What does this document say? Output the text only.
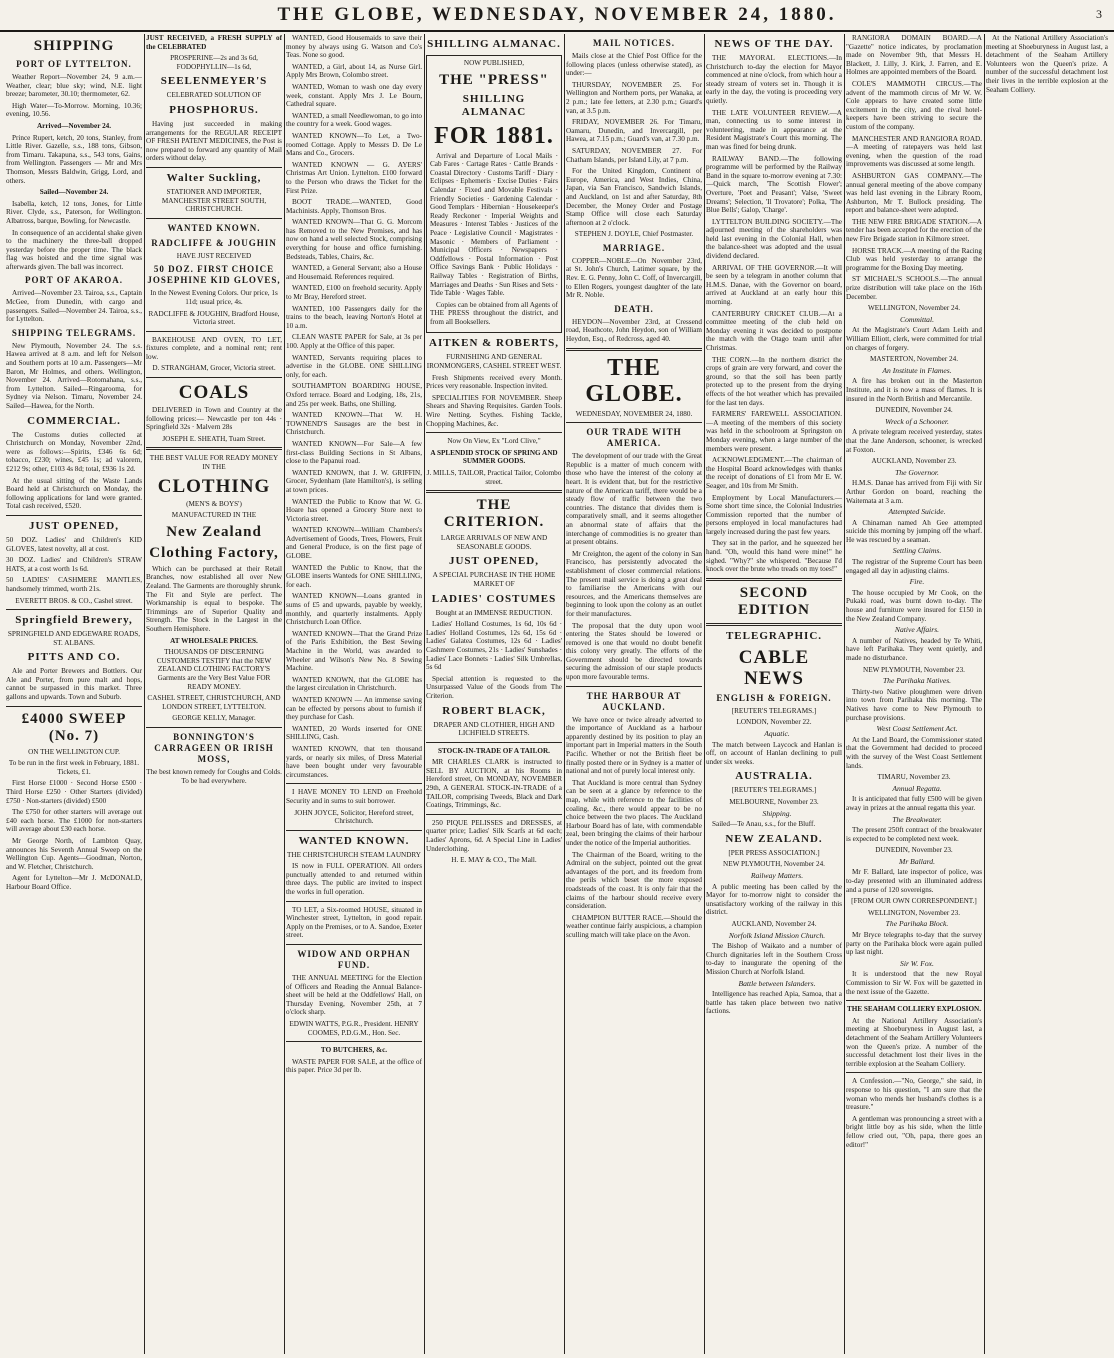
THE GLOBE, WEDNESDAY, NOVEMBER 24, 1880.	3
SHIPPING
PORT OF LYTTELTON.

Weather Report—November 24, 9 a.m.—Weather, clear; blue sky; wind, N.E. light breeze; barometer, 30.10; thermometer, 62.

High Water—To-Morrow. Morning, 10.36; evening, 10.56.

Arrived—November 24.

Prince Rupert, ketch, 20 tons, Stanley, from Little River. Gazelle, s.s., 188 tons, Gibson, from Timaru. Takapuna, s.s., 543 tons, Gains, from Wellington. Passengers — Mr and Mrs Thomson, Messrs Baldwin, Grigg, Lord, and others.

Sailed—November 24.

Isabella, ketch, 12 tons, Jones, for Little River. Clyde, s.s., Paterson, for Wellington. Albatross, barque, Bowling, for Newcastle.

In consequence of an accidental shake given to the machinery the three-ball dropped yesterday before the proper time. The black flag was hoisted and the time signal was afterwards given. The ball was incorrect.

PORT OF AKAROA.

Arrived—November 23. Tairoa, s.s., Captain McGee, from Dunedin, with cargo and passengers. Sailed—November 24. Tairoa, s.s., for Lyttelton.

SHIPPING TELEGRAMS.

New Plymouth, November 24. The s.s. Hawea arrived at 8 a.m. and left for Nelson and Southern ports at 10 a.m. Passengers—Mr Baron, Mr Holmes, and others. Wellington, November 24. Arrived—Rotomahana, s.s., from Lyttelton. Sailed—Ringarooma, for Sydney via Nelson. Timaru, November 24. Sailed—Hawea, for the North.

COMMERCIAL.

The Customs duties collected at Christchurch on Monday, November 22nd, were as follows:—Spirits, £346 6s 6d; tobacco, £230; wines, £45 1s; ad valorem, £212 9s; other, £103 4s 8d; total, £936 1s 2d.

At the usual sitting of the Waste Lands Board held at Christchurch on Monday, the following applications for land were granted. Total cash received, £520.

JUST OPENED,

50 DOZ. Ladies' and Children's KID GLOVES, latest novelty, all at cost.

30 DOZ. Ladies' and Children's STRAW HATS, at a cost worth 1s 6d.

50 LADIES' CASHMERE MANTLES, handsomely trimmed, worth 21s.

EVERETT BROS. & CO., Cashel street.

Springfield Brewery,

SPRINGFIELD AND EDGEWARE ROADS, ST. ALBANS.

PITTS AND CO.

Ale and Porter Brewers and Bottlers. Our Ale and Porter, from pure malt and hops, cannot be surpassed in this market. Three gallons and upwards. Town and Suburb.

£4000 SWEEP (No. 7)

ON THE WELLINGTON CUP.

To be run in the first week in February, 1881. Tickets, £1.

First Horse £1000 · Second Horse £500 · Third Horse £250 · Other Starters (divided) £750 · Non-starters (divided) £500

The £750 for other starters will average out £40 each horse. The £1000 for non-starters will average about £30 each horse.

Mr George North, of Lambton Quay, announces his Seventh Annual Sweep on the Wellington Cup. Agents—Goodman, Norton, and W. Fletcher, Christchurch.

Agent for Lyttelton—Mr J. McDONALD, Harbour Board Office.

JUST RECEIVED, a FRESH SUPPLY of the CELEBRATED

PROSPERINE—2s and 3s 6d, FODOPHYLLIN—1s 6d,

SEELENMEYER'S

CELEBRATED SOLUTION OF

PHOSPHORUS.

Having just succeeded in making arrangements for the REGULAR RECEIPT OF FRESH PATENT MEDICINES, the Post is now prepared to forward any quantity of Mail orders without delay.

Walter Suckling,

STATIONER AND IMPORTER, MANCHESTER STREET SOUTH, CHRISTCHURCH.

WANTED KNOWN.
RADCLIFFE & JOUGHIN

HAVE JUST RECEIVED

50 DOZ. FIRST CHOICE JOSEPHINE KID GLOVES,

In the Newest Evening Colors. Our price, 1s 11d; usual price, 4s.

RADCLIFFE & JOUGHIN, Bradford House, Victoria street.

BAKEHOUSE AND OVEN, TO LET, fixtures complete, and a nominal rent; rent low.

D. STRANGHAM, Grocer, Victoria street.

COALS

DELIVERED in Town and Country at the following prices:— Newcastle per ton 44s · Springfield 32s · Malvern 28s

JOSEPH E. SHEATH, Tuam Street.

THE BEST VALUE FOR READY MONEY IN THE

CLOTHING

(MEN'S & BOYS')

MANUFACTURED IN THE

New Zealand
Clothing Factory,

Which can be purchased at their Retail Branches, now established all over New Zealand. The Garments are thoroughly shrunk. The Fit and Style are perfect. The Workmanship is equal to bespoke. The Trimmings are of Superior Quality and Strength. The Stock in the Largest in the Southern Hemisphere.

AT WHOLESALE PRICES.

THOUSANDS OF DISCERNING CUSTOMERS TESTIFY that the NEW ZEALAND CLOTHING FACTORY'S Garments are the Very Best Value FOR READY MONEY.

CASHEL STREET, CHRISTCHURCH, AND LONDON STREET, LYTTELTON.

GEORGE KELLY, Manager.

BONNINGTON'S CARRAGEEN OR IRISH MOSS,

The best known remedy for Coughs and Colds. To be had everywhere.

WANTED, Good Housemaids to save their money by always using G. Watson and Co's Teas. None so good.

WANTED, a Girl, about 14, as Nurse Girl. Apply Mrs Brown, Colombo street.

WANTED, Woman to wash one day every week, constant. Apply Mrs J. Le Bourn, Cathedral square.

WANTED, a small Needlewoman, to go into the country for a week. Good wages.

WANTED KNOWN—To Let, a Two-roomed Cottage. Apply to Messrs D. De Le Mans and Co., Grocers.

WANTED KNOWN — G. AYERS' Christmas Art Union. Lyttelton. £100 forward to the Person who draws the Ticket for the First Prize.

BOOT TRADE.—WANTED, Good Machinists. Apply, Thomson Bros.

WANTED KNOWN—That G. G. Morcom has Removed to the New Premises, and has now on hand a well selected Stock, comprising everything for house and office furnishing. Bedsteads, Tables, Chairs, &c.

WANTED, a General Servant; also a House and Housemaid. References required.

WANTED, £100 on freehold security. Apply to Mr Bray, Hereford street.

WANTED, 100 Passengers daily for the trains to the beach, leaving Norton's Hotel at 10 a.m.

CLEAN WASTE PAPER for Sale, at 3s per 100. Apply at the Office of this paper.

WANTED, Servants requiring places to advertise in the GLOBE. ONE SHILLING only, for each.

SOUTHAMPTON BOARDING HOUSE, Oxford terrace. Board and Lodging, 18s, 21s, and 25s per week. Baths, one Shilling.

WANTED KNOWN—That W. H. TOWNEND'S Sausages are the best in Christchurch.

WANTED KNOWN—For Sale—A few first-class Building Sections in St Albans, close to the Papanui road.

WANTED KNOWN, that J. W. GRIFFIN, Grocer, Sydenham (late Hamilton's), is selling at town prices.

WANTED the Public to Know that W. G. Hoare has opened a Grocery Store next to Victoria street.

WANTED KNOWN—William Chambers's Advertisement of Goods, Trees, Flowers, Fruit and General Produce, is on the first page of GLOBE.

WANTED the Public to Know, that the GLOBE inserts Wanteds for ONE SHILLING, for each.

WANTED KNOWN—Loans granted in sums of £5 and upwards, payable by weekly, monthly, and quarterly instalments. Apply Christchurch Loan Office.

WANTED KNOWN—That the Grand Prize of the Paris Exhibition, the Best Sewing Machine in the World, was awarded to Wheeler and Wilson's New No. 8 Sewing Machine.

WANTED KNOWN, that the GLOBE has the largest circulation in Christchurch.

WANTED KNOWN — An immense saving can be effected by persons about to furnish if they purchase for Cash.

WANTED, 20 Words inserted for ONE SHILLING, Cash.

WANTED KNOWN, that ten thousand yards, or nearly six miles, of Dress Material have been bought under very favourable circumstances.

I HAVE MONEY TO LEND on Freehold Security and in sums to suit borrower.

JOHN JOYCE, Solicitor, Hereford street, Christchurch.

WANTED KNOWN.

THE CHRISTCHURCH STEAM LAUNDRY

IS now in FULL OPERATION. All orders punctually attended to and returned within three days. The public are invited to inspect the works in full operation.

TO LET, a Six-roomed HOUSE, situated in Winchester street, Lyttelton, in good repair. Apply on the Premises, or to A. Sandoe, Exeter street.

WIDOW AND ORPHAN FUND.

THE ANNUAL MEETING for the Election of Officers and Reading the Annual Balance-sheet will be held at the Oddfellows' Hall, on Thursday Evening, November 25th, at 7 o'clock sharp.

EDWIN WATTS, P.G.R., President. HENRY COOMES, P.D.G.M., Hon. Sec.

TO BUTCHERS, &c.

WASTE PAPER FOR SALE, at the office of this paper. Price 3d per lb.

SHILLING ALMANAC.

NOW PUBLISHED,

THE "PRESS"
SHILLING ALMANAC
FOR 1881.

Arrival and Departure of Local Mails · Cab Fares · Cartage Rates · Cattle Brands · Coastal Directory · Customs Tariff · Diary · Eclipses · Ephemeris · Excise Duties · Fairs Calendar · Fixed and Movable Festivals · Friendly Societies · Gardening Calendar · Good Templars · Hibernian · Housekeeper's Ready Reckoner · Imperial Weights and Measures · Interest Tables · Justices of the Peace · Legislative Council · Magistrates · Masonic · Members of Parliament · Municipal Officers · Newspapers · Oddfellows · Postal Information · Post Office Savings Bank · Public Holidays · Railway Tables · Registration of Births, Marriages and Deaths · Sun Rises and Sets · Tide Table · Wages Table.

Copies can be obtained from all Agents of THE PRESS throughout the district, and from all Booksellers.

AITKEN & ROBERTS,

FURNISHING AND GENERAL IRONMONGERS, CASHEL STREET WEST.

Fresh Shipments received every Month. Prices very reasonable. Inspection invited.

SPECIALITIES FOR NOVEMBER. Sheep Shears and Shaving Requisites. Garden Tools. Wire Netting. Scythes. Fishing Tackle, Chopping Machines, &c.

Now On View, Ex "Lord Clive,"

A SPLENDID STOCK OF SPRING AND SUMMER GOODS.

J. MILLS, TAILOR, Practical Tailor, Colombo street.

THE CRITERION.

LARGE ARRIVALS OF NEW AND SEASONABLE GOODS.

JUST OPENED,

A SPECIAL PURCHASE IN THE HOME MARKET OF

LADIES' COSTUMES

Bought at an IMMENSE REDUCTION.

Ladies' Holland Costumes, 1s 6d, 10s 6d · Ladies' Holland Costumes, 12s 6d, 15s 6d · Ladies' Galatea Costumes, 12s 6d · Ladies' Cashmere Costumes, 21s · Ladies' Sunshades · Ladies' Lace Bonnets · Ladies' Silk Umbrellas, 5s 6d

Special attention is requested to the Unsurpassed Value of the Goods from The Criterion.

ROBERT BLACK,

DRAPER AND CLOTHIER, HIGH AND LICHFIELD STREETS.

STOCK-IN-TRADE OF A TAILOR.

MR CHARLES CLARK is instructed to SELL BY AUCTION, at his Rooms in Hereford street, On MONDAY, NOVEMBER 29th, A GENERAL STOCK-IN-TRADE of a TAILOR, comprising Tweeds, Black and Dark Coatings, Trimmings, &c.

250 PIQUE PELISSES and DRESSES, at quarter price; Ladies' Silk Scarfs at 6d each; Ladies' Aprons, 6d. A Special Line in Ladies' Underclothing.

H. E. MAY & CO., The Mall.

MAIL NOTICES.

Mails close at the Chief Post Office for the following places (unless otherwise stated), as under:—

THURSDAY, NOVEMBER 25. For Wellington and Northern ports, per Wanaka, at 2 p.m.; late fee letters, at 2.30 p.m.; Guard's van, at 3.5 p.m.

FRIDAY, NOVEMBER 26. For Timaru, Oamaru, Dunedin, and Invercargill, per Hawea, at 7.15 p.m.; Guard's van, at 7.30 p.m.

SATURDAY, NOVEMBER 27. For Chatham Islands, per Island Lily, at 7 p.m.

For the United Kingdom, Continent of Europe, America, and West Indies, China, Japan, via San Francisco, Sandwich Islands, and Auckland, on 1st and after Saturday, 8th December, the Money Order and Postage Stamp Office will close each Saturday afternoon at 2 o'clock.

STEPHEN J. DOYLE, Chief Postmaster.

MARRIAGE.

COPPER—NOBLE—On November 23rd, at St. John's Church, Latimer square, by the Rev. E. G. Penny, John C. Coff, of Invercargill, to Ellen Rogers, youngest daughter of the late Mr R. Noble.

DEATH.

HEYDON—November 23rd, at Cressend road, Heathcote, John Heydon, son of William Heydon, Esq., of Redcross, aged 40.

THE GLOBE.

WEDNESDAY, NOVEMBER 24, 1880.

OUR TRADE WITH AMERICA.

The development of our trade with the Great Republic is a matter of much concern with those who have the interest of the colony at heart. It is evident that, but for the restrictive nature of the American tariff, there would be a steady flow of traffic between the two countries. The distance that divides them is comparatively small, and it seems altogether an abnormal state of affairs that the interchange of commodities is no greater than at present obtains.

Mr Creighton, the agent of the colony in San Francisco, has persistently advocated the establishment of closer commercial relations. The present mail service is doing a great deal to familiarise the Americans with our resources, and the Americans themselves are beginning to look upon the colony as an outlet for their manufactures.

The proposal that the duty upon wool entering the States should be lowered or removed is one that would no doubt benefit this colony very greatly. The efforts of the Government should be directed towards securing the admission of our staple products upon more favourable terms.

THE HARBOUR AT AUCKLAND.

We have once or twice already adverted to the importance of Auckland as a harbour apparently destined by its position to play an important part in Imperial matters in the South Pacific. Whether or not the British fleet be finally posted there or in Sydney is a matter of national and not of purely local interest only.

That Auckland is more central than Sydney can be seen at a glance by reference to the map, while with reference to the facilities of coaling, &c., there would appear to be no choice between the two places. The Auckland Harbour Board has of late, with commendable zeal, been bringing the claims of their harbour under the notice of the Imperial authorities.

The Chairman of the Board, writing to the Admiral on the subject, pointed out the great advantages of the port, and its freedom from the perils which beset the more exposed roadsteads of the coast. It is only fair that the claims of the harbour should receive every consideration.

CHAMPION BUTTER RACE.—Should the weather continue fairly auspicious, a champion sculling match will take place on the Avon.

NEWS OF THE DAY.

THE MAYORAL ELECTIONS.—In Christchurch to-day the election for Mayor commenced at nine o'clock, from which hour a steady stream of voters set in. Though it is early in the day, the voting is proceeding very quietly.

THE LATE VOLUNTEER REVIEW.—A man, connecting us to some interest in volunteering, made in appearance at the Resident Magistrate's Court this morning. The man was fined for being drunk.

RAILWAY BAND.—The following programme will be performed by the Railway Band in the square to-morrow evening at 7.30:—Quick march, 'The Scottish Flower'; Overture, 'Poet and Peasant'; Valse, 'Sweet Dreams'; Selection, 'Il Trovatore'; Polka, 'The Blue Bells'; Galop, 'Charge'.

LYTTELTON BUILDING SOCIETY.—The adjourned meeting of the shareholders was held last evening in the Colonial Hall, when the balance-sheet was adopted and the usual dividend declared.

ARRIVAL OF THE GOVERNOR.—It will be seen by a telegram in another column that H.M.S. Danae, with the Governor on board, arrived at Auckland at an early hour this morning.

CANTERBURY CRICKET CLUB.—At a committee meeting of the club held on Monday evening it was decided to postpone the match with the Otago team until after Christmas.

THE CORN.—In the northern district the crops of grain are very forward, and cover the ground, so that the soil has been partly protected up to the present from the drying effects of the hot weather which has prevailed for the last ten days.

FARMERS' FAREWELL ASSOCIATION.—A meeting of the members of this society was held in the schoolroom at Springston on Monday evening, when a large number of the members were present.

ACKNOWLEDGMENT.—The chairman of the Hospital Board acknowledges with thanks the receipt of donations of £1 from Mr E. W. Seager, and 10s from Mr Smith.

Employment by Local Manufacturers.—Some short time since, the Colonial Industries Commission reported that the number of persons employed in local manufactures had largely increased during the past few years.

They sat in the parlor, and he squeezed her hand. "Oh, would this hand were mine!" he sighed. "Why?" she whispered. "Because I'd knock over the brute who treads on my toes!"

SECOND EDITION
TELEGRAPHIC.
CABLE NEWS
ENGLISH & FOREIGN.

[REUTER'S TELEGRAMS.]

LONDON, November 22.

Aquatic.

The match between Laycock and Hanlan is off, on account of Hanlan declining to pull under six weeks.

AUSTRALIA.

[REUTER'S TELEGRAMS.]

MELBOURNE, November 23.

Shipping.

Sailed—Te Anau, s.s., for the Bluff.

NEW ZEALAND.

[PER PRESS ASSOCIATION.]

NEW PLYMOUTH, November 24.

Railway Matters.

A public meeting has been called by the Mayor for to-morrow night to consider the unsatisfactory working of the railway in this district.

AUCKLAND, November 24.

Norfolk Island Mission Church.

The Bishop of Waikato and a number of Church dignitaries left in the Southern Cross to-day to inaugurate the opening of the Mission Church at Norfolk Island.

Battle between Islanders.

Intelligence has reached Apia, Samoa, that a battle has taken place between two native factions.

RANGIORA DOMAIN BOARD.—A "Gazette" notice indicates, by proclamation made on November 9th, that Messrs H. Blackett, J. Lilly, J. Kirk, J. Farren, and E. Holmes are appointed members of the Board.

COLE'S MAMMOTH CIRCUS.—The advent of the mammoth circus of Mr W. W. Cole appears to have created some little excitement in the city, and the rival hotel-keepers have been striving to secure the custom of the company.

MANCHESTER AND RANGIORA ROAD.—A meeting of ratepayers was held last evening, when the question of the road improvements was discussed at some length.

ASHBURTON GAS COMPANY.—The annual general meeting of the above company was held last evening in the Library Room, Ashburton, Mr T. Bullock presiding. The report and balance-sheet were adopted.

THE NEW FIRE BRIGADE STATION.—A tender has been accepted for the erection of the new Fire Brigade station in Kilmore street.

HORSE TRACK.—A meeting of the Racing Club was held yesterday to arrange the programme for the Boxing Day meeting.

ST MICHAEL'S SCHOOLS.—The annual prize distribution will take place on the 16th December.

WELLINGTON, November 24.

Committal.

At the Magistrate's Court Adam Leith and William Elliott, clerk, were committed for trial on charges of forgery.

MASTERTON, November 24.

An Institute in Flames.

A fire has broken out in the Masterton Institute, and it is now a mass of flames. It is insured in the North British and Mercantile.

DUNEDIN, November 24.

Wreck of a Schooner.

A private telegram received yesterday, states that the Jane Anderson, schooner, is wrecked at Foxton.

AUCKLAND, November 23.

The Governor.

H.M.S. Danae has arrived from Fiji with Sir Arthur Gordon on board, reaching the Waitemata at 3 a.m.

Attempted Suicide.

A Chinaman named Ah Gee attempted suicide this morning by jumping off the wharf. He was rescued by a seaman.

Settling Claims.

The registrar of the Supreme Court has been engaged all day in adjusting claims.

Fire.

The house occupied by Mr Cook, on the Pukaki road, was burnt down to-day. The house and furniture were insured for £150 in the New Zealand Company.

Native Affairs.

A number of Natives, headed by Te Whiti, have left Parihaka. They went quietly, and made no disturbance.

NEW PLYMOUTH, November 23.

The Parihaka Natives.

Thirty-two Native ploughmen were driven into town from Parihaka this morning. The Natives have come to New Plymouth to purchase provisions.

West Coast Settlement Act.

At the Land Board, the Commissioner stated that the Government had decided to proceed with the survey of the West Coast Settlement lands.

TIMARU, November 23.

Annual Regatta.

It is anticipated that fully £500 will be given away in prizes at the annual regatta this year.

The Breakwater.

The present 250ft contract of the breakwater is expected to be completed next week.

DUNEDIN, November 23.

Mr Ballard.

Mr F. Ballard, late inspector of police, was to-day presented with an illuminated address and a purse of 120 sovereigns.

[FROM OUR OWN CORRESPONDENT.]

WELLINGTON, November 23.

The Parihaka Block.

Mr Bryce telegraphs to-day that the survey party on the Parihaka block were again pulled up last night.

Sir W. Fox.

It is understood that the new Royal Commission to Sir W. Fox will be gazetted in the next issue of the Gazette.

THE SEAHAM COLLIERY EXPLOSION.

At the National Artillery Association's meeting at Shoeburyness in August last, a detachment of the Seaham Artillery Volunteers won the Queen's prize. A number of the successful detachment lost their lives in the terrible explosion at the Seaham Colliery.

A Confession.—"No, George," she said, in response to his question, "I am sure that the woman who mends her husband's clothes is a treasure."

A gentleman was pronouncing a street with a bright little boy as his side, when the little fellow cried out, "Oh, papa, there goes an editor!"

At the National Artillery Association's meeting at Shoeburyness in August last, a detachment of the Seaham Artillery Volunteers won the Queen's prize. A number of the successful detachment lost their lives in the terrible explosion at the Seaham Colliery.
